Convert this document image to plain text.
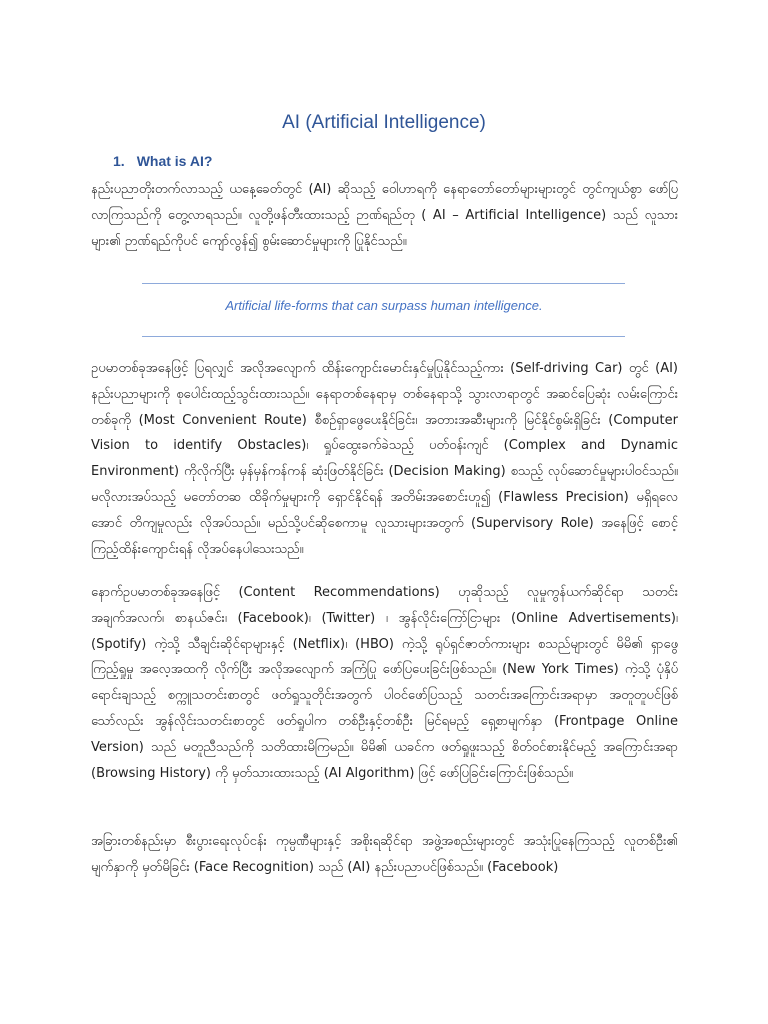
AI (Artificial Intelligence)
1. What is AI?

နည်းပညာတိုးတက်လာသည့် ယနေ့ခေတ်တွင် (AI) ဆိုသည့် ဝေါဟာရကို နေရာတော်တော်များများတွင် တွင်ကျယ်စွာ ဖော်ပြလာကြသည်ကို တွေ့လာရသည်။ လူတို့ဖန်တီးထားသည့် ဉာဏ်ရည်တု ( AI – Artificial Intelligence) သည် လူသားများ၏ ဉာဏ်ရည်ကိုပင် ကျော်လွန်၍ စွမ်းဆောင်မှုများကို ပြုနိုင်သည်။

Artificial life-forms that can surpass human intelligence.

ဥပမာတစ်ခုအနေဖြင့် ပြရလျှင် အလိုအလျောက် ထိန်းကျောင်းမောင်းနှင်မှုပြုနိုင်သည့်ကား (Self-driving Car) တွင် (AI) နည်းပညာများကို စုပေါင်းထည့်သွင်းထားသည်။ နေရာတစ်နေရာမှ တစ်နေရာသို့ သွားလာရာတွင် အဆင်ပြေဆုံး လမ်းကြောင်းတစ်ခုကို (Most Convenient Route) စီစဉ်ရှာဖွေပေးနိုင်ခြင်း၊ အတားအဆီးများကို မြင်နိုင်စွမ်းရှိခြင်း (Computer Vision to identify Obstacles)၊ ရှုပ်ထွေးခက်ခဲသည့် ပတ်ဝန်းကျင် (Complex and Dynamic Environment) ကိုလိုက်ပြီး မှန်မှန်ကန်ကန် ဆုံးဖြတ်နိုင်ခြင်း (Decision Making) စသည့် လုပ်ဆောင်မှုများပါဝင်သည်။ မလိုလားအပ်သည့် မတော်တဆ ထိခိုက်မှုများကို ရှောင်နိုင်ရန် အတိမ်းအစောင်းဟူ၍ (Flawless Precision) မရှိရလေအောင် တိကျမှုလည်း လိုအပ်သည်။ မည်သို့ပင်ဆိုစေကာမူ လူသားများအတွက် (Supervisory Role) အနေဖြင့် စောင့်ကြည့်ထိန်းကျောင်းရန် လိုအပ်နေပါသေးသည်။

နောက်ဥပမာတစ်ခုအနေဖြင့် (Content Recommendations) ဟုဆိုသည့် လူမှုကွန်ယက်ဆိုင်ရာ သတင်းအချက်အလက်၊ စာနယ်ဇင်း၊ (Facebook)၊ (Twitter) ၊ အွန်လိုင်းကြော်ငြာများ (Online Advertisements)၊ (Spotify) ကဲ့သို့ သီချင်းဆိုင်ရာများနှင့် (Netflix)၊ (HBO) ကဲ့သို့ ရုပ်ရှင်ဇာတ်ကားများ စသည်များတွင် မိမိ၏ ရှာဖွေကြည့်ရှုမှု အလေ့အထကို လိုက်ပြီး အလိုအလျောက် အကြံပြု ဖော်ပြပေးခြင်းဖြစ်သည်။ (New York Times) ကဲ့သို့ ပုံနှိပ်ရောင်းချသည့် စက္ကူသတင်းစာတွင် ဖတ်ရှုသူတိုင်းအတွက် ပါဝင်ဖော်ပြသည့် သတင်းအကြောင်းအရာမှာ အတူတူပင်ဖြစ်သော်လည်း အွန်လိုင်းသတင်းစာတွင် ဖတ်ရှုပါက တစ်ဦးနှင့်တစ်ဦး မြင်ရမည့် ရှေ့စာမျက်နှာ (Frontpage Online Version) သည် မတူညီသည်ကို သတိထားမိကြမည်။ မိမိ၏ ယခင်က ဖတ်ရှုဖူးသည့် စိတ်ဝင်စားနိုင်မည့် အကြောင်းအရာ (Browsing History) ကို မှတ်သားထားသည့် (AI Algorithm) ဖြင့် ဖော်ပြခြင်းကြောင်းဖြစ်သည်။

အခြားတစ်နည်းမှာ စီးပွားရေးလုပ်ငန်း ကုမ္ပဏီများနှင့် အစိုးရဆိုင်ရာ အဖွဲ့အစည်းများတွင် အသုံးပြုနေကြသည့် လူတစ်ဦး၏ မျက်နှာကို မှတ်မိခြင်း (Face Recognition) သည် (AI) နည်းပညာပင်ဖြစ်သည်။ (Facebook)
